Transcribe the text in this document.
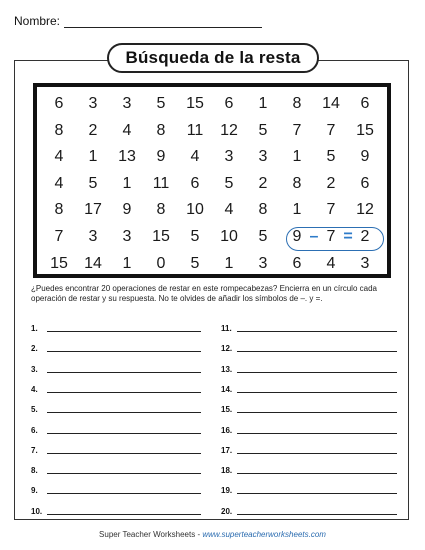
Nombre:
Búsqueda de la resta
6	3	3	5	15	6	1	8	14	6
8	2	4	8	11	12	5	7	7	15
4	1	13	9	4	3	3	1	5	9
4	5	1	11	6	5	2	8	2	6
8	17	9	8	10	4	8	1	7	12
7	3	3	15	5	10	5	9	7	2
–	=
15	14	1	0	5	1	3	6	4	3
¿Puedes encontrar 20 operaciones de restar en este rompecabezas? Encierra en un círculo cada operación de restar y su respuesta. No te olvides de añadir los símbolos de –. y =.
1.
2.
3.
4.
5.
6.
7.
8.
9.
10.
11.
12.
13.
14.
15.
16.
17.
18.
19.
20.
Super Teacher Worksheets - www.superteacherworksheets.com
